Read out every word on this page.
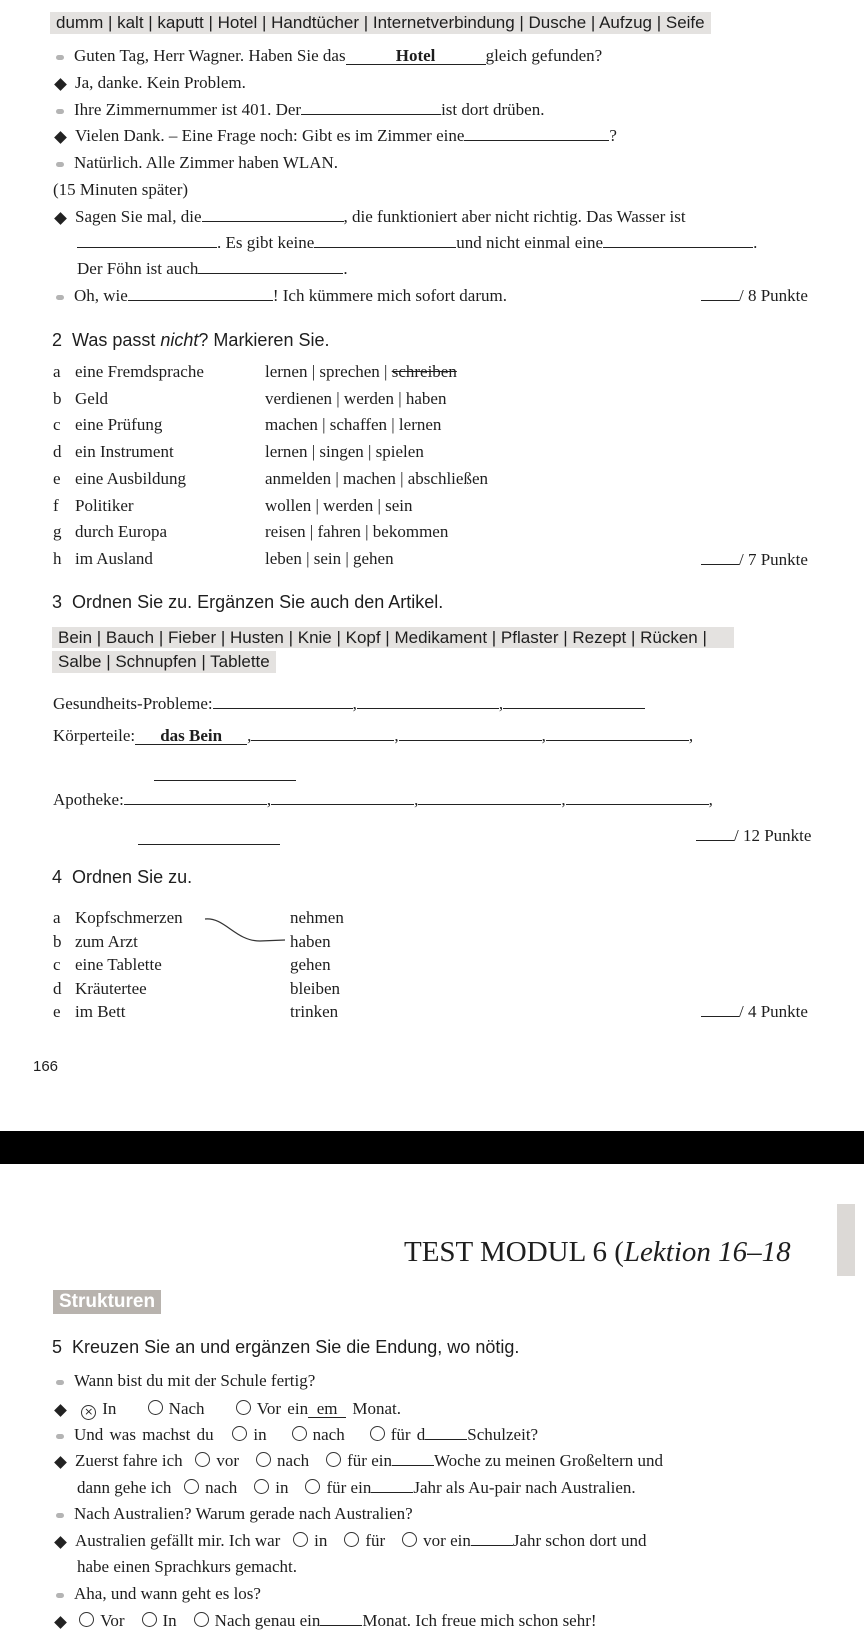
dumm | kalt | kaputt | Hotel | Handtücher | Internetverbindung | Dusche | Aufzug | Seife
Guten Tag, Herr Wagner. Haben Sie das	Hotel	gleich gefunden?
Ja, danke. Kein Problem.
Ihre Zimmernummer ist 401. Der	ist dort drüben.
Vielen Dank. – Eine Frage noch: Gibt es im Zimmer eine	?
Natürlich. Alle Zimmer haben WLAN.
(15 Minuten später)
Sagen Sie mal, die	, die funktioniert aber nicht richtig. Das Wasser ist
. Es gibt keine	und nicht einmal eine	.
Der Föhn ist auch	.
Oh, wie	! Ich kümmere mich sofort darum.	/ 8 Punkte
2 Was passt nicht? Markieren Sie.
a eine Fremdsprache	lernen | sprechen | schreiben
b Geld	verdienen | werden | haben
c eine Prüfung	machen | schaffen | lernen
d ein Instrument	lernen | singen | spielen
e eine Ausbildung	anmelden | machen | abschließen
f Politiker	wollen | werden | sein
g durch Europa	reisen | fahren | bekommen
h im Ausland	leben | sein | gehen	/ 7 Punkte
3 Ordnen Sie zu. Ergänzen Sie auch den Artikel.
Bein | Bauch | Fieber | Husten | Knie | Kopf | Medikament | Pflaster | Rezept | Rücken |
Salbe | Schnupfen | Tablette
Gesundheits-Probleme:	,	,
Körperteile: das Bein ,	,	,	,
Apotheke:	,	,	,	,
/ 12 Punkte
4 Ordnen Sie zu.
a Kopfschmerzen	nehmen
b zum Arzt	haben
c eine Tablette	gehen
d Kräutertee	bleiben
e im Bett	trinken	/ 4 Punkte
166
TEST MODUL 6 (Lektion 16–18
Strukturen
5 Kreuzen Sie an und ergänzen Sie die Endung, wo nötig.
Wann bist du mit der Schule fertig?
× In	Nach	Vor ein em Monat.
Und was machst du in	nach	für d Schulzeit?
Zuerst fahre ich vor nach für ein Woche zu meinen Großeltern und
dann gehe ich nach in für ein Jahr als Au-pair nach Australien.
Nach Australien? Warum gerade nach Australien?
Australien gefällt mir. Ich war in für vor ein Jahr schon dort und
habe einen Sprachkurs gemacht.
Aha, und wann geht es los?
Vor In Nach genau ein Monat. Ich freue mich schon sehr!
